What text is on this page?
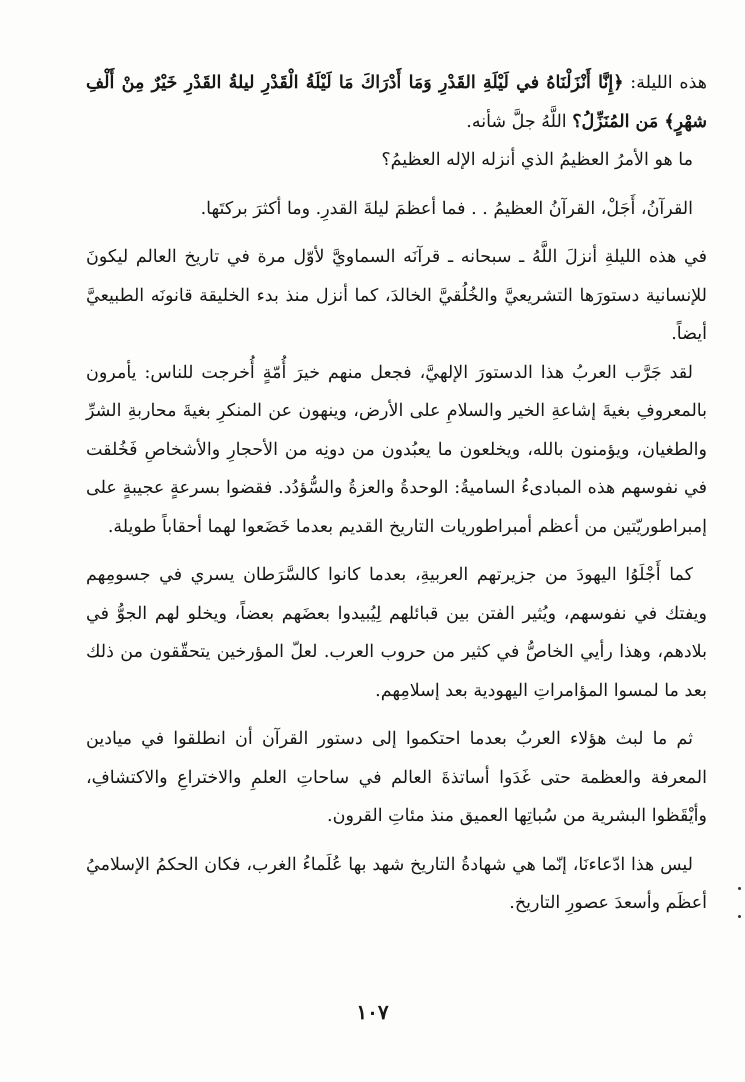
هذه الليلة: ﴿إِنَّا أَنْزَلْنَاهُ في لَيْلَةِ القَدْرِ وَمَا أَدْرَاكَ مَا لَيْلَةُ الْقَدْرِ ليلةُ القَدْرِ خَيْرٌ مِنْ أَلْفِ شهْرٍ﴾ مَن المُنَزِّلُ؟ اللَّهُ جلَّ شأنه.

ما هو الأمرُ العظيمُ الذي أنزله الإله العظيمُ؟

القرآنُ، أَجَلْ، القرآنُ العظيمُ . . فما أعظمَ ليلةَ القدرِ. وما أكثرَ بركتَها.

في هذه الليلةِ أنزلَ اللَّهُ ـ سبحانه ـ قرآنَه السماويَّ لأوّل مرة في تاريخ العالم ليكونَ للإنسانية دستورَها التشريعيَّ والخُلُقيَّ الخالدَ، كما أنزل منذ بدء الخليقة قانونَه الطبيعيَّ أيضاً.

لقد جَرَّب العربُ هذا الدستورَ الإلهيَّ، فجعل منهم خيرَ أُمّةٍ أُخرجت للناس: يأمرون بالمعروفِ بغيةَ إشاعةِ الخير والسلامِ على الأرض، وينهون عن المنكرِ بغيةَ محاربةِ الشرِّ والطغيان، ويؤمنون بالله، ويخلعون ما يعبُدون من دونِه من الأحجارِ والأشخاصِ فَخُلقت في نفوسهم هذه المبادىءُ الساميةُ: الوحدةُ والعزةُ والسُّؤدُد. فقضوا بسرعةٍ عجيبةٍ على إمبراطوريّتين من أعظم أمبراطوريات التاريخ القديم بعدما خَضَعوا لهما أحقاباً طويلة.

كما أَجْلَوُا اليهودَ من جزيرتهم العربيةِ، بعدما كانوا كالسَّرَطان يسري في جسومِهم ويفتك في نفوسهم، ويُثير الفتن بين قبائلهم لِيُبيدوا بعضَهم بعضاً، ويخلو لهم الجوُّ في بلادهم، وهذا رأيي الخاصُّ في كثير من حروب العرب. لعلّ المؤرخين يتحقّقون من ذلك بعد ما لمسوا المؤامراتِ اليهودية بعد إسلامِهم.

ثم ما لبث هؤلاء العربُ بعدما احتكموا إلى دستور القرآن أن انطلقوا في ميادين المعرفة والعظمة حتى غَدَوا أساتذةَ العالم في ساحاتِ العلمِ والاختراعِ والاكتشافِ، وأيْقَظوا البشرية من سُباتِها العميق منذ مئاتِ القرون.

ليس هذا ادّعاءنَا، إنّما هي شهادةُ التاريخ شهد بها عُلَماءُ الغرب، فكان الحكمُ الإسلاميُ أعظَم وأسعدَ عصورِ التاريخ.

١٠٧
